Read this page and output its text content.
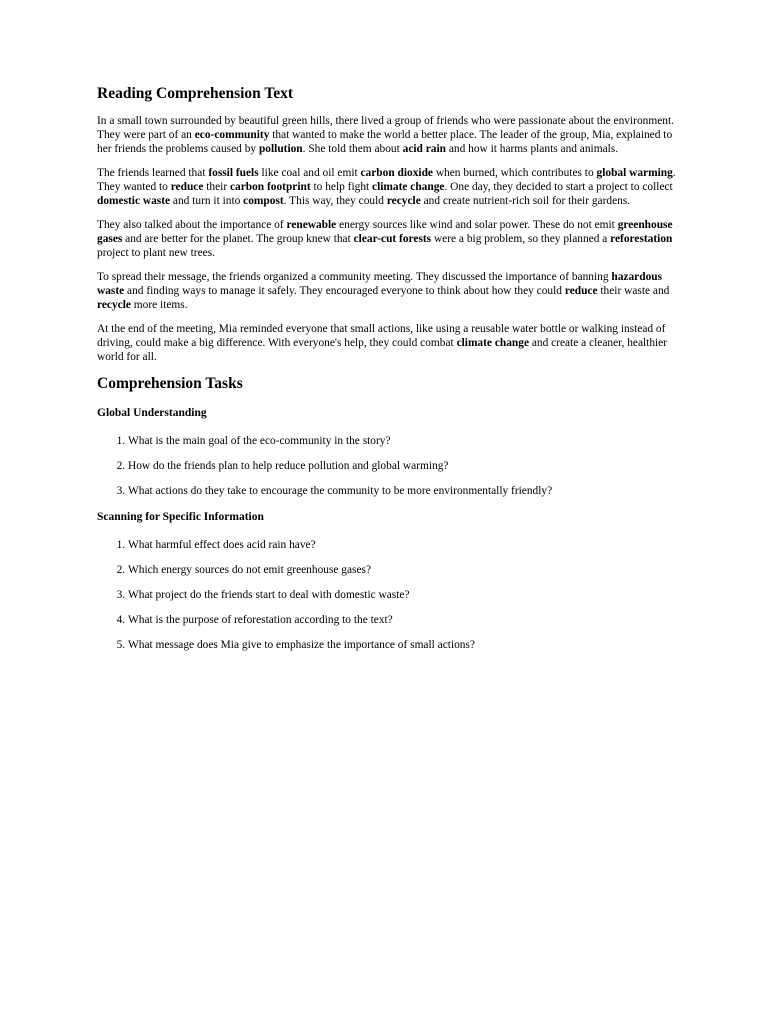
Reading Comprehension Text

In a small town surrounded by beautiful green hills, there lived a group of friends who were passionate about the environment. They were part of an eco-community that wanted to make the world a better place. The leader of the group, Mia, explained to her friends the problems caused by pollution. She told them about acid rain and how it harms plants and animals.

The friends learned that fossil fuels like coal and oil emit carbon dioxide when burned, which contributes to global warming. They wanted to reduce their carbon footprint to help fight climate change. One day, they decided to start a project to collect domestic waste and turn it into compost. This way, they could recycle and create nutrient-rich soil for their gardens.

They also talked about the importance of renewable energy sources like wind and solar power. These do not emit greenhouse gases and are better for the planet. The group knew that clear-cut forests were a big problem, so they planned a reforestation project to plant new trees.

To spread their message, the friends organized a community meeting. They discussed the importance of banning hazardous waste and finding ways to manage it safely. They encouraged everyone to think about how they could reduce their waste and recycle more items.

At the end of the meeting, Mia reminded everyone that small actions, like using a reusable water bottle or walking instead of driving, could make a big difference. With everyone's help, they could combat climate change and create a cleaner, healthier world for all.

Comprehension Tasks
Global Understanding
1. What is the main goal of the eco-community in the story?
2. How do the friends plan to help reduce pollution and global warming?
3. What actions do they take to encourage the community to be more environmentally friendly?
Scanning for Specific Information
1. What harmful effect does acid rain have?
2. Which energy sources do not emit greenhouse gases?
3. What project do the friends start to deal with domestic waste?
4. What is the purpose of reforestation according to the text?
5. What message does Mia give to emphasize the importance of small actions?
